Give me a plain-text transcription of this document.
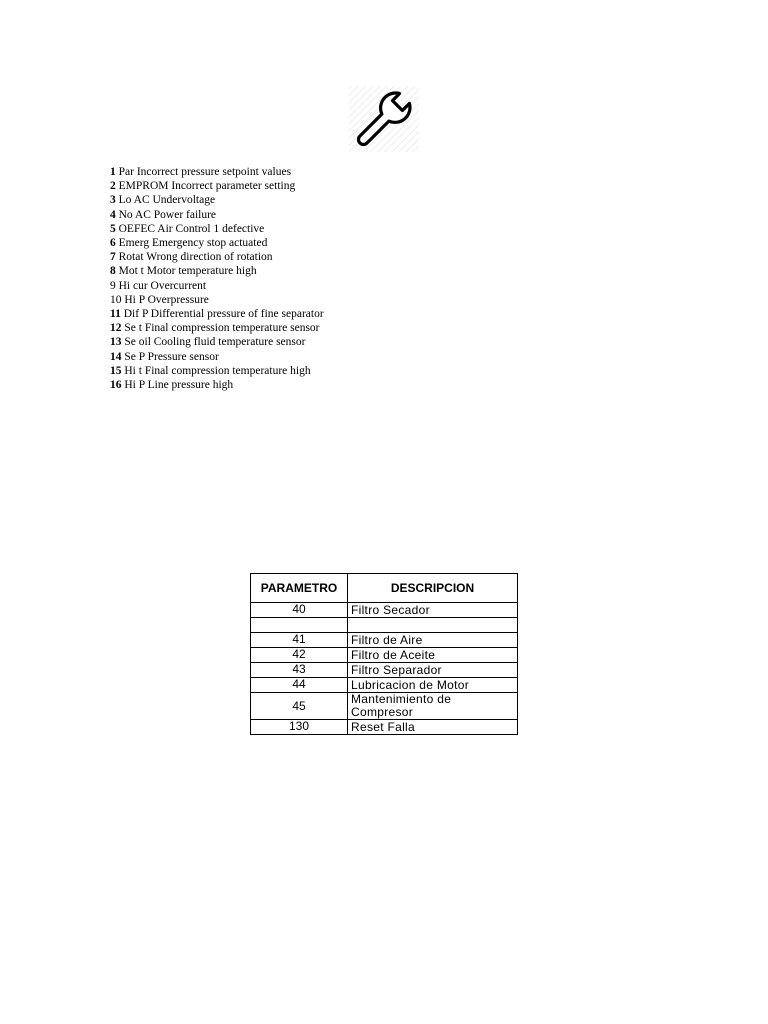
1 Par Incorrect pressure setpoint values
2 EMPROM Incorrect parameter setting
3 Lo AC Undervoltage
4 No AC Power failure
5 OEFEC Air Control 1 defective
6 Emerg Emergency stop actuated
7 Rotat Wrong direction of rotation
8 Mot t Motor temperature high
9 Hi cur Overcurrent
10 Hi P Overpressure
11 Dif P Differential pressure of fine separator
12 Se t Final compression temperature sensor
13 Se oil Cooling fluid temperature sensor
14 Se P Pressure sensor
15 Hi t Final compression temperature high
16 Hi P Line pressure high
PARAMETRO	DESCRIPCION
40	Filtro Secador

41	Filtro de Aire
42	Filtro de Aceite
43	Filtro Separador
44	Lubricacion de Motor
45	Mantenimiento de Compresor
130	Reset Falla
